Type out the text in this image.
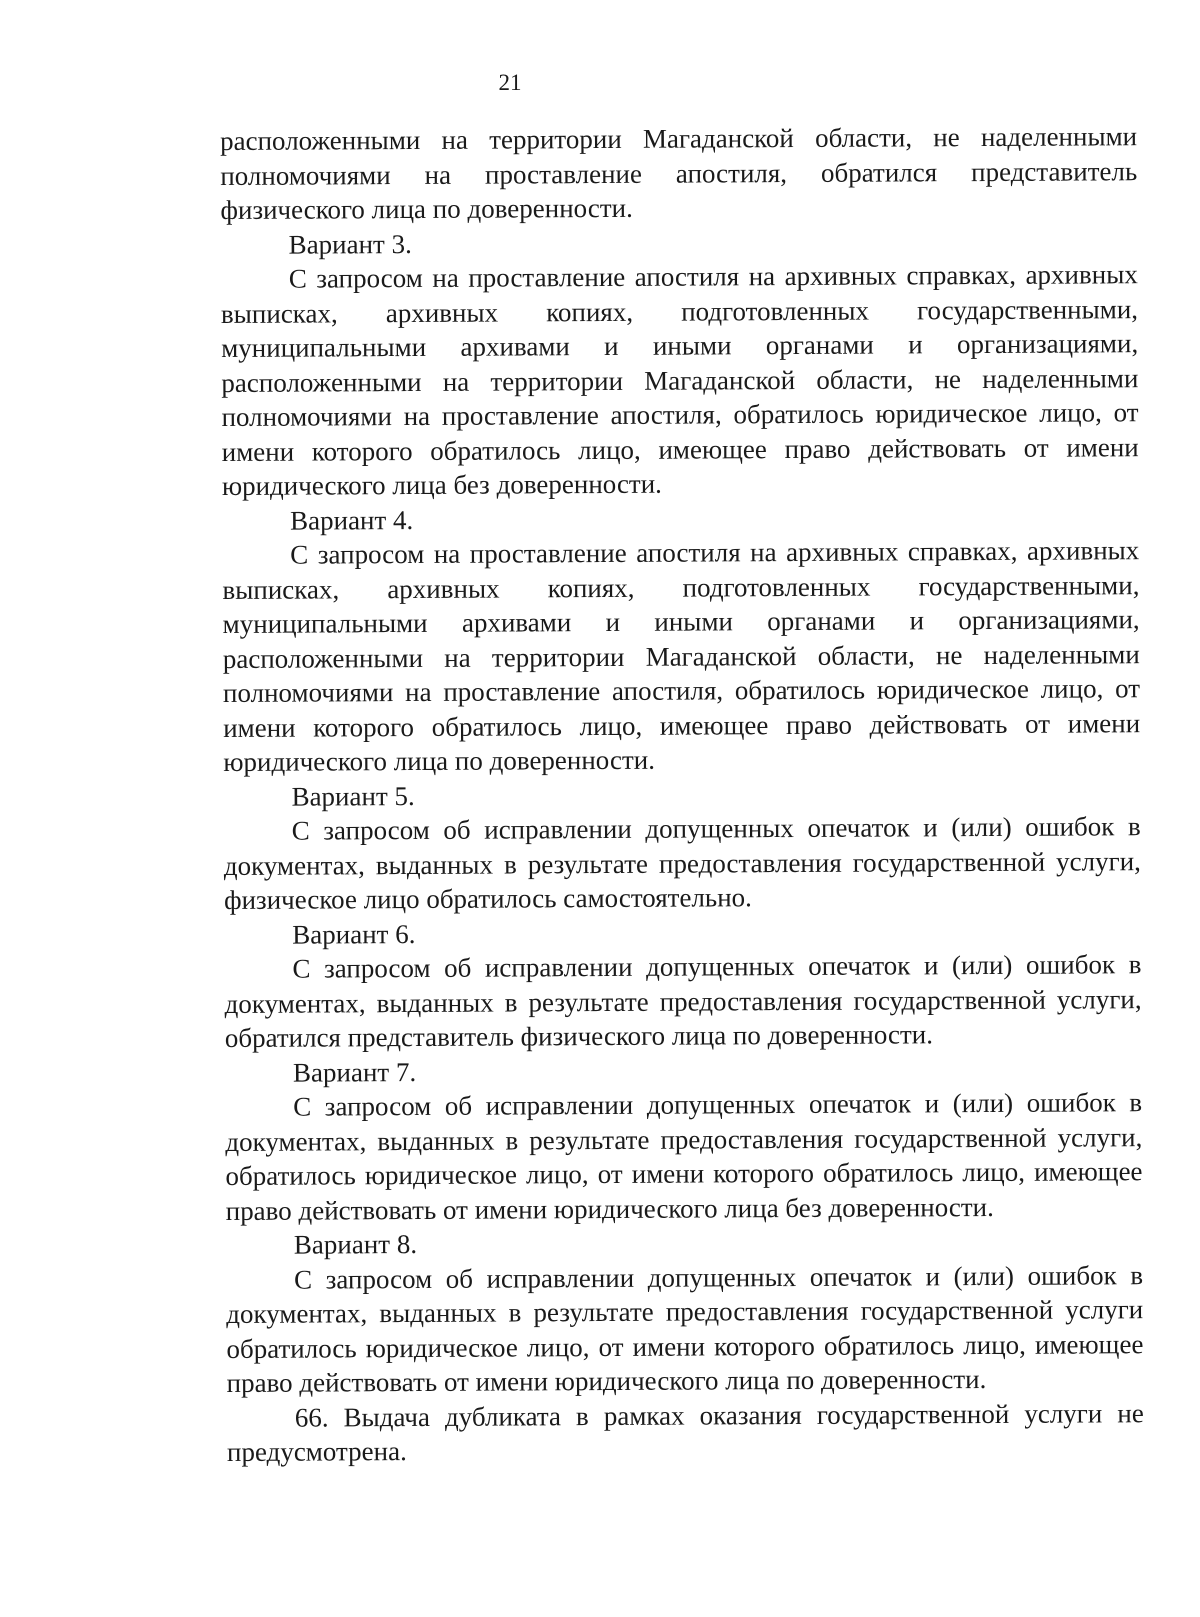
21

расположенными на территории Магаданской области, не наделенными полномочиями на проставление апостиля, обратился представитель физического лица по доверенности.

Вариант 3.

С запросом на проставление апостиля на архивных справках, архивных выписках, архивных копиях, подготовленных государственными, муниципальными архивами и иными органами и организациями, расположенными на территории Магаданской области, не наделенными полномочиями на проставление апостиля, обратилось юридическое лицо, от имени которого обратилось лицо, имеющее право действовать от имени юридического лица без доверенности.

Вариант 4.

С запросом на проставление апостиля на архивных справках, архивных выписках, архивных копиях, подготовленных государственными, муниципальными архивами и иными органами и организациями, расположенными на территории Магаданской области, не наделенными полномочиями на проставление апостиля, обратилось юридическое лицо, от имени которого обратилось лицо, имеющее право действовать от имени юридического лица по доверенности.

Вариант 5.

С запросом об исправлении допущенных опечаток и (или) ошибок в документах, выданных в результате предоставления государственной услуги, физическое лицо обратилось самостоятельно.

Вариант 6.

С запросом об исправлении допущенных опечаток и (или) ошибок в документах, выданных в результате предоставления государственной услуги, обратился представитель физического лица по доверенности.

Вариант 7.

С запросом об исправлении допущенных опечаток и (или) ошибок в документах, выданных в результате предоставления государственной услуги, обратилось юридическое лицо, от имени которого обратилось лицо, имеющее право действовать от имени юридического лица без доверенности.

Вариант 8.

С запросом об исправлении допущенных опечаток и (или) ошибок в документах, выданных в результате предоставления государственной услуги обратилось юридическое лицо, от имени которого обратилось лицо, имеющее право действовать от имени юридического лица по доверенности.

66. Выдача дубликата в рамках оказания государственной услуги не предусмотрена.
